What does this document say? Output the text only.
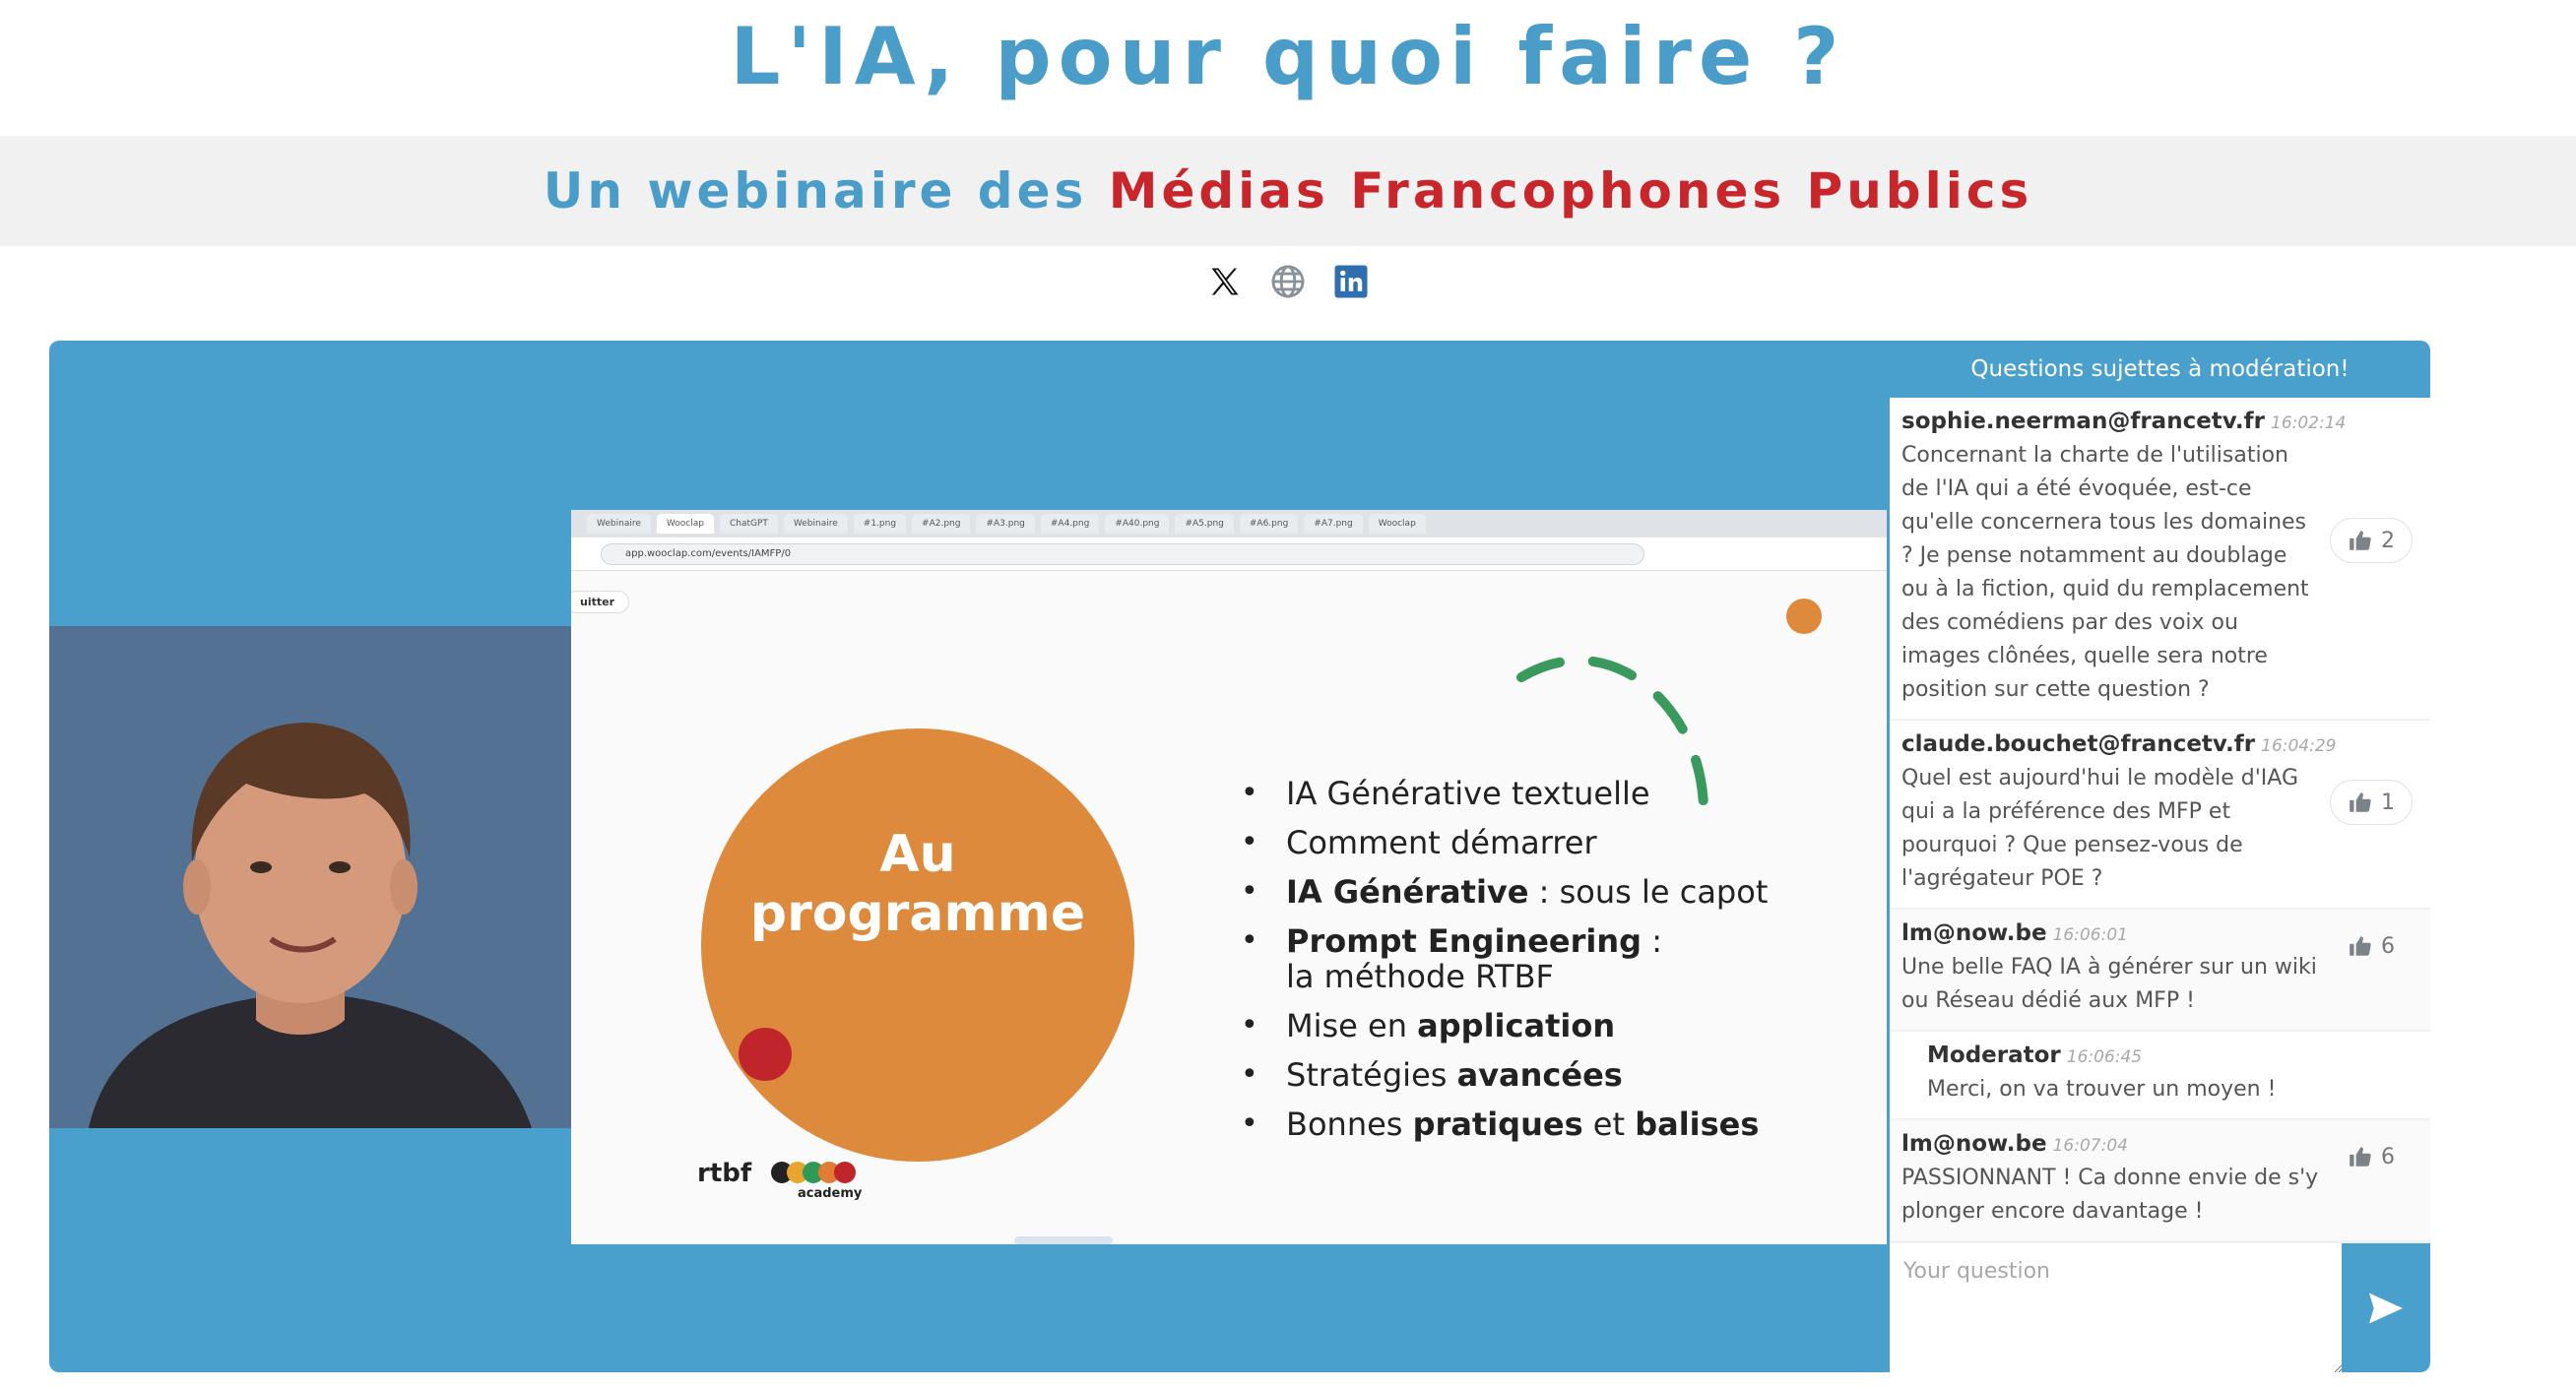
L'IA, pour quoi faire ?
Un webinaire des Médias Francophones Publics
Webinaire	Wooclap	ChatGPT	Webinaire	#1.png	#A2.png	#A3.png	#A4.png	#A40.png	#A5.png	#A6.png	#A7.png	Wooclap
app.wooclap.com/events/IAMFP/0
uitter
Au
programme
• IA Générative textuelle
• Comment démarrer
• IA Générative : sous le capot
• Prompt Engineering :
la méthode RTBF
• Mise en application
• Stratégies avancées
• Bonnes pratiques et balises
rtbf
academy
Questions sujettes à modération!
sophie.neerman@francetv.fr 16:02:14
Concernant la charte de l'utilisation
de l'IA qui a été évoquée, est-ce
qu'elle concernera tous les domaines
? Je pense notamment au doublage
ou à la fiction, quid du remplacement
des comédiens par des voix ou
images clônées, quelle sera notre
position sur cette question ?
2
claude.bouchet@francetv.fr 16:04:29
Quel est aujourd'hui le modèle d'IAG
qui a la préférence des MFP et
pourquoi ? Que pensez-vous de
l'agrégateur POE ?
1
lm@now.be 16:06:01
Une belle FAQ IA à générer sur un wiki
ou Réseau dédié aux MFP !
6
Moderator 16:06:45
Merci, on va trouver un moyen !
lm@now.be 16:07:04
PASSIONNANT ! Ca donne envie de s'y
plonger encore davantage !
6
Your question
